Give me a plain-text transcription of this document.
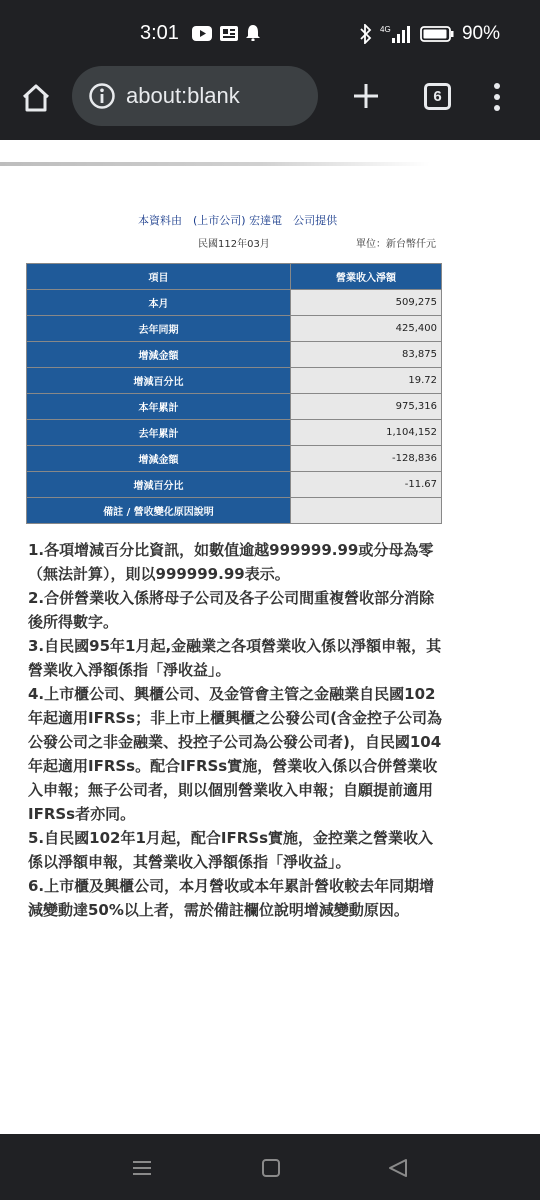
3:01	4G	90%
about:blank	6
本資料由　(上市公司) 宏達電　公司提供
民國112年03月	單位：新台幣仟元
項目	營業收入淨額
本月	509,275
去年同期	425,400
增減金額	83,875
增減百分比	19.72
本年累計	975,316
去年累計	1,104,152
增減金額	-128,836
增減百分比	-11.67
備註 / 營收變化原因說明	

1.各項增減百分比資訊，如數值逾越999999.99或分母為零（無法計算），則以999999.99表示。

2.合併營業收入係將母子公司及各子公司間重複營收部分消除後所得數字。

3.自民國95年1月起,金融業之各項營業收入係以淨額申報，其營業收入淨額係指「淨收益」。

4.上市櫃公司、興櫃公司、及金管會主管之金融業自民國102年起適用IFRSs；非上市上櫃興櫃之公發公司(含金控子公司為公發公司之非金融業、投控子公司為公發公司者)，自民國104年起適用IFRSs。配合IFRSs實施，營業收入係以合併營業收入申報；無子公司者，則以個別營業收入申報；自願提前適用IFRSs者亦同。

5.自民國102年1月起，配合IFRSs實施，金控業之營業收入係以淨額申報，其營業收入淨額係指「淨收益」。

6.上市櫃及興櫃公司，本月營收或本年累計營收較去年同期增減變動達50%以上者，需於備註欄位說明增減變動原因。
